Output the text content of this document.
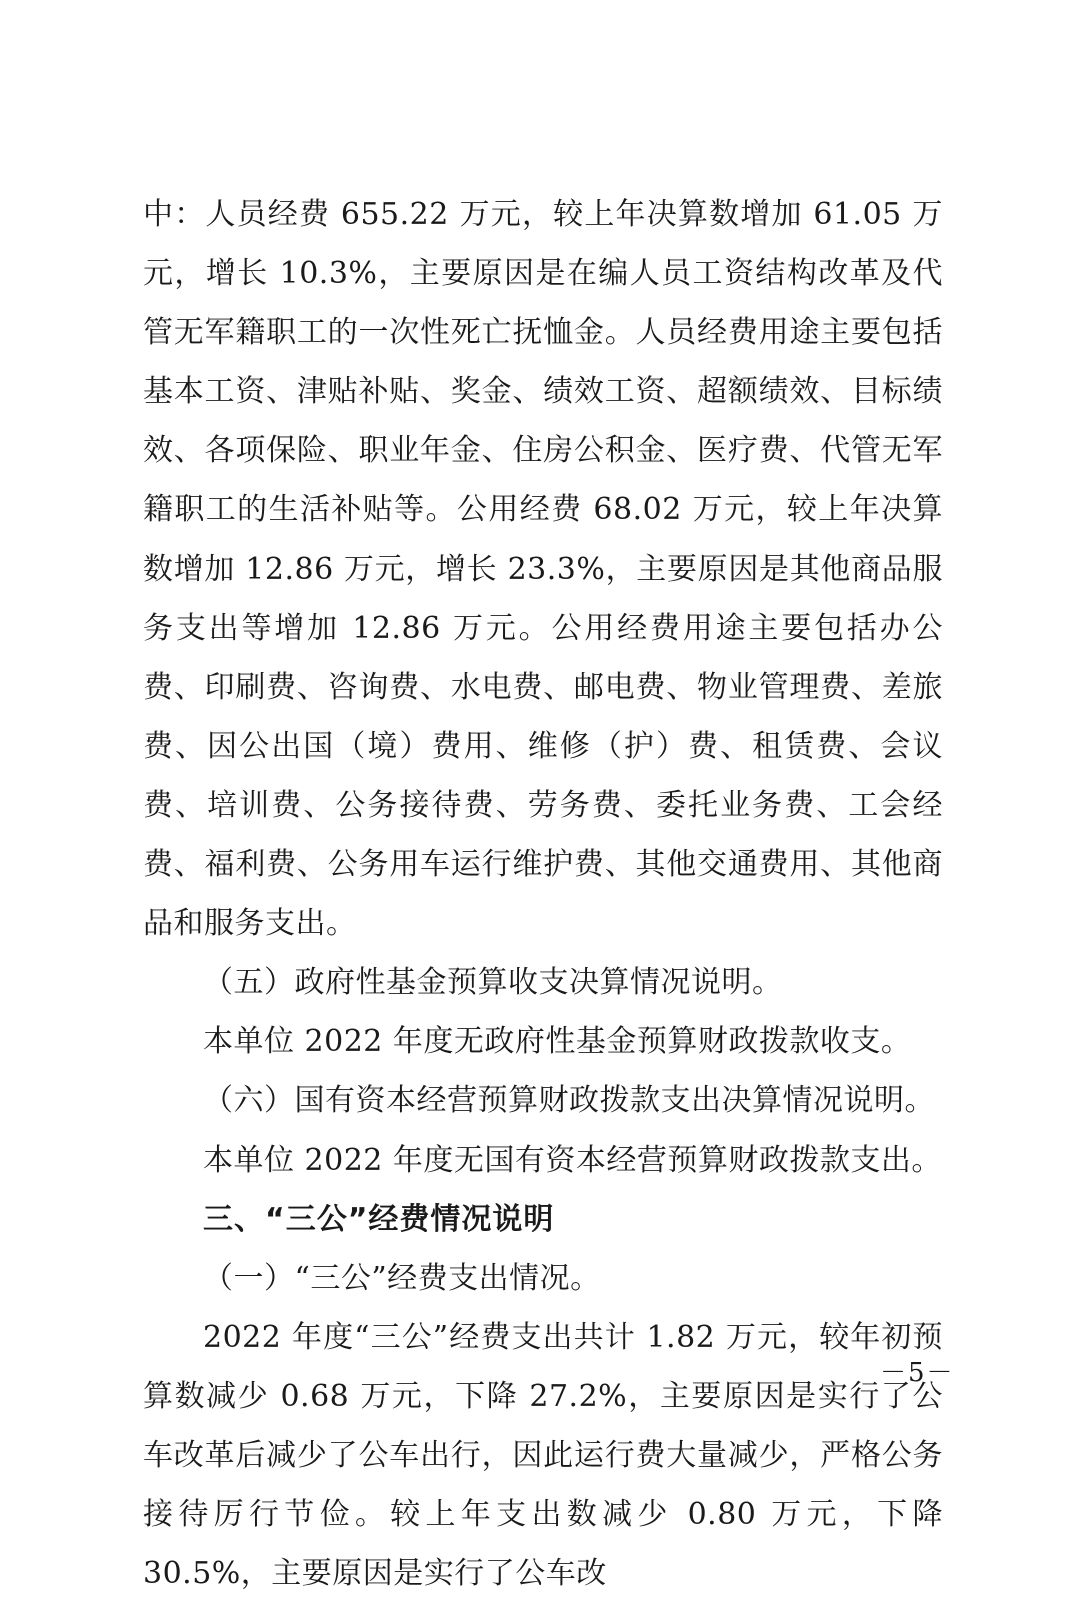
中：人员经费 655.22 万元，较上年决算数增加 61.05 万元，增长 10.3%，主要原因是在编人员工资结构改革及代管无军籍职工的一次性死亡抚恤金。人员经费用途主要包括基本工资、津贴补贴、奖金、绩效工资、超额绩效、目标绩效、各项保险、职业年金、住房公积金、医疗费、代管无军籍职工的生活补贴等。公用经费 68.02 万元，较上年决算数增加 12.86 万元，增长 23.3%，主要原因是其他商品服务支出等增加 12.86 万元。公用经费用途主要包括办公费、印刷费、咨询费、水电费、邮电费、物业管理费、差旅费、因公出国（境）费用、维修（护）费、租赁费、会议费、培训费、公务接待费、劳务费、委托业务费、工会经费、福利费、公务用车运行维护费、其他交通费用、其他商品和服务支出。

（五）政府性基金预算收支决算情况说明。

本单位 2022 年度无政府性基金预算财政拨款收支。

（六）国有资本经营预算财政拨款支出决算情况说明。

本单位 2022 年度无国有资本经营预算财政拨款支出。

三、“三公”经费情况说明

（一）“三公”经费支出情况。

2022 年度“三公”经费支出共计 1.82 万元，较年初预算数减少 0.68 万元，下降 27.2%，主要原因是实行了公车改革后减少了公车出行，因此运行费大量减少，严格公务接待厉行节俭。较上年支出数减少 0.80 万元，下降 30.5%，主要原因是实行了公车改

－5－
